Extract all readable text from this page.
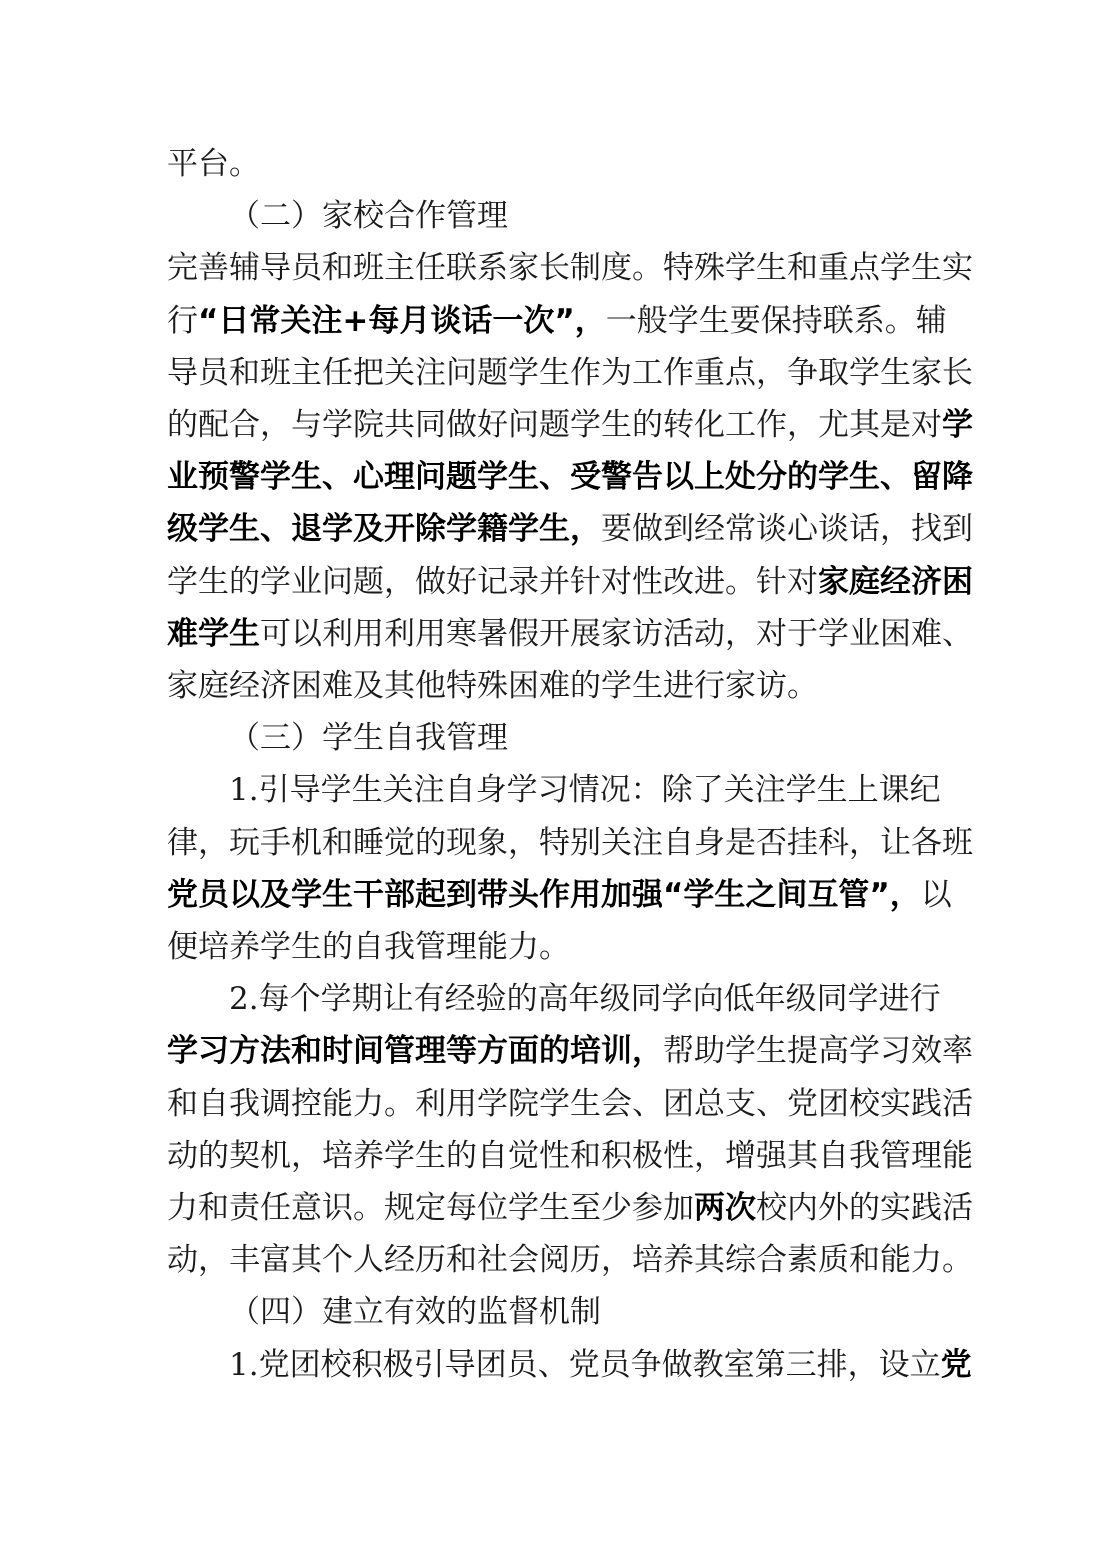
平台。
（二）家校合作管理
完善辅导员和班主任联系家长制度。特殊学生和重点学生实
行“日常关注+每月谈话一次”，一般学生要保持联系。辅
导员和班主任把关注问题学生作为工作重点，争取学生家长
的配合，与学院共同做好问题学生的转化工作，尤其是对学
业预警学生、心理问题学生、受警告以上处分的学生、留降
级学生、退学及开除学籍学生，要做到经常谈心谈话，找到
学生的学业问题，做好记录并针对性改进。针对家庭经济困
难学生可以利用利用寒暑假开展家访活动，对于学业困难、
家庭经济困难及其他特殊困难的学生进行家访。
（三）学生自我管理
1.引导学生关注自身学习情况：除了关注学生上课纪
律，玩手机和睡觉的现象，特别关注自身是否挂科，让各班
党员以及学生干部起到带头作用加强“学生之间互管”，以
便培养学生的自我管理能力。
2.每个学期让有经验的高年级同学向低年级同学进行
学习方法和时间管理等方面的培训，帮助学生提高学习效率
和自我调控能力。利用学院学生会、团总支、党团校实践活
动的契机，培养学生的自觉性和积极性，增强其自我管理能
力和责任意识。规定每位学生至少参加两次校内外的实践活
动，丰富其个人经历和社会阅历，培养其综合素质和能力。
（四）建立有效的监督机制
1.党团校积极引导团员、党员争做教室第三排，设立党
